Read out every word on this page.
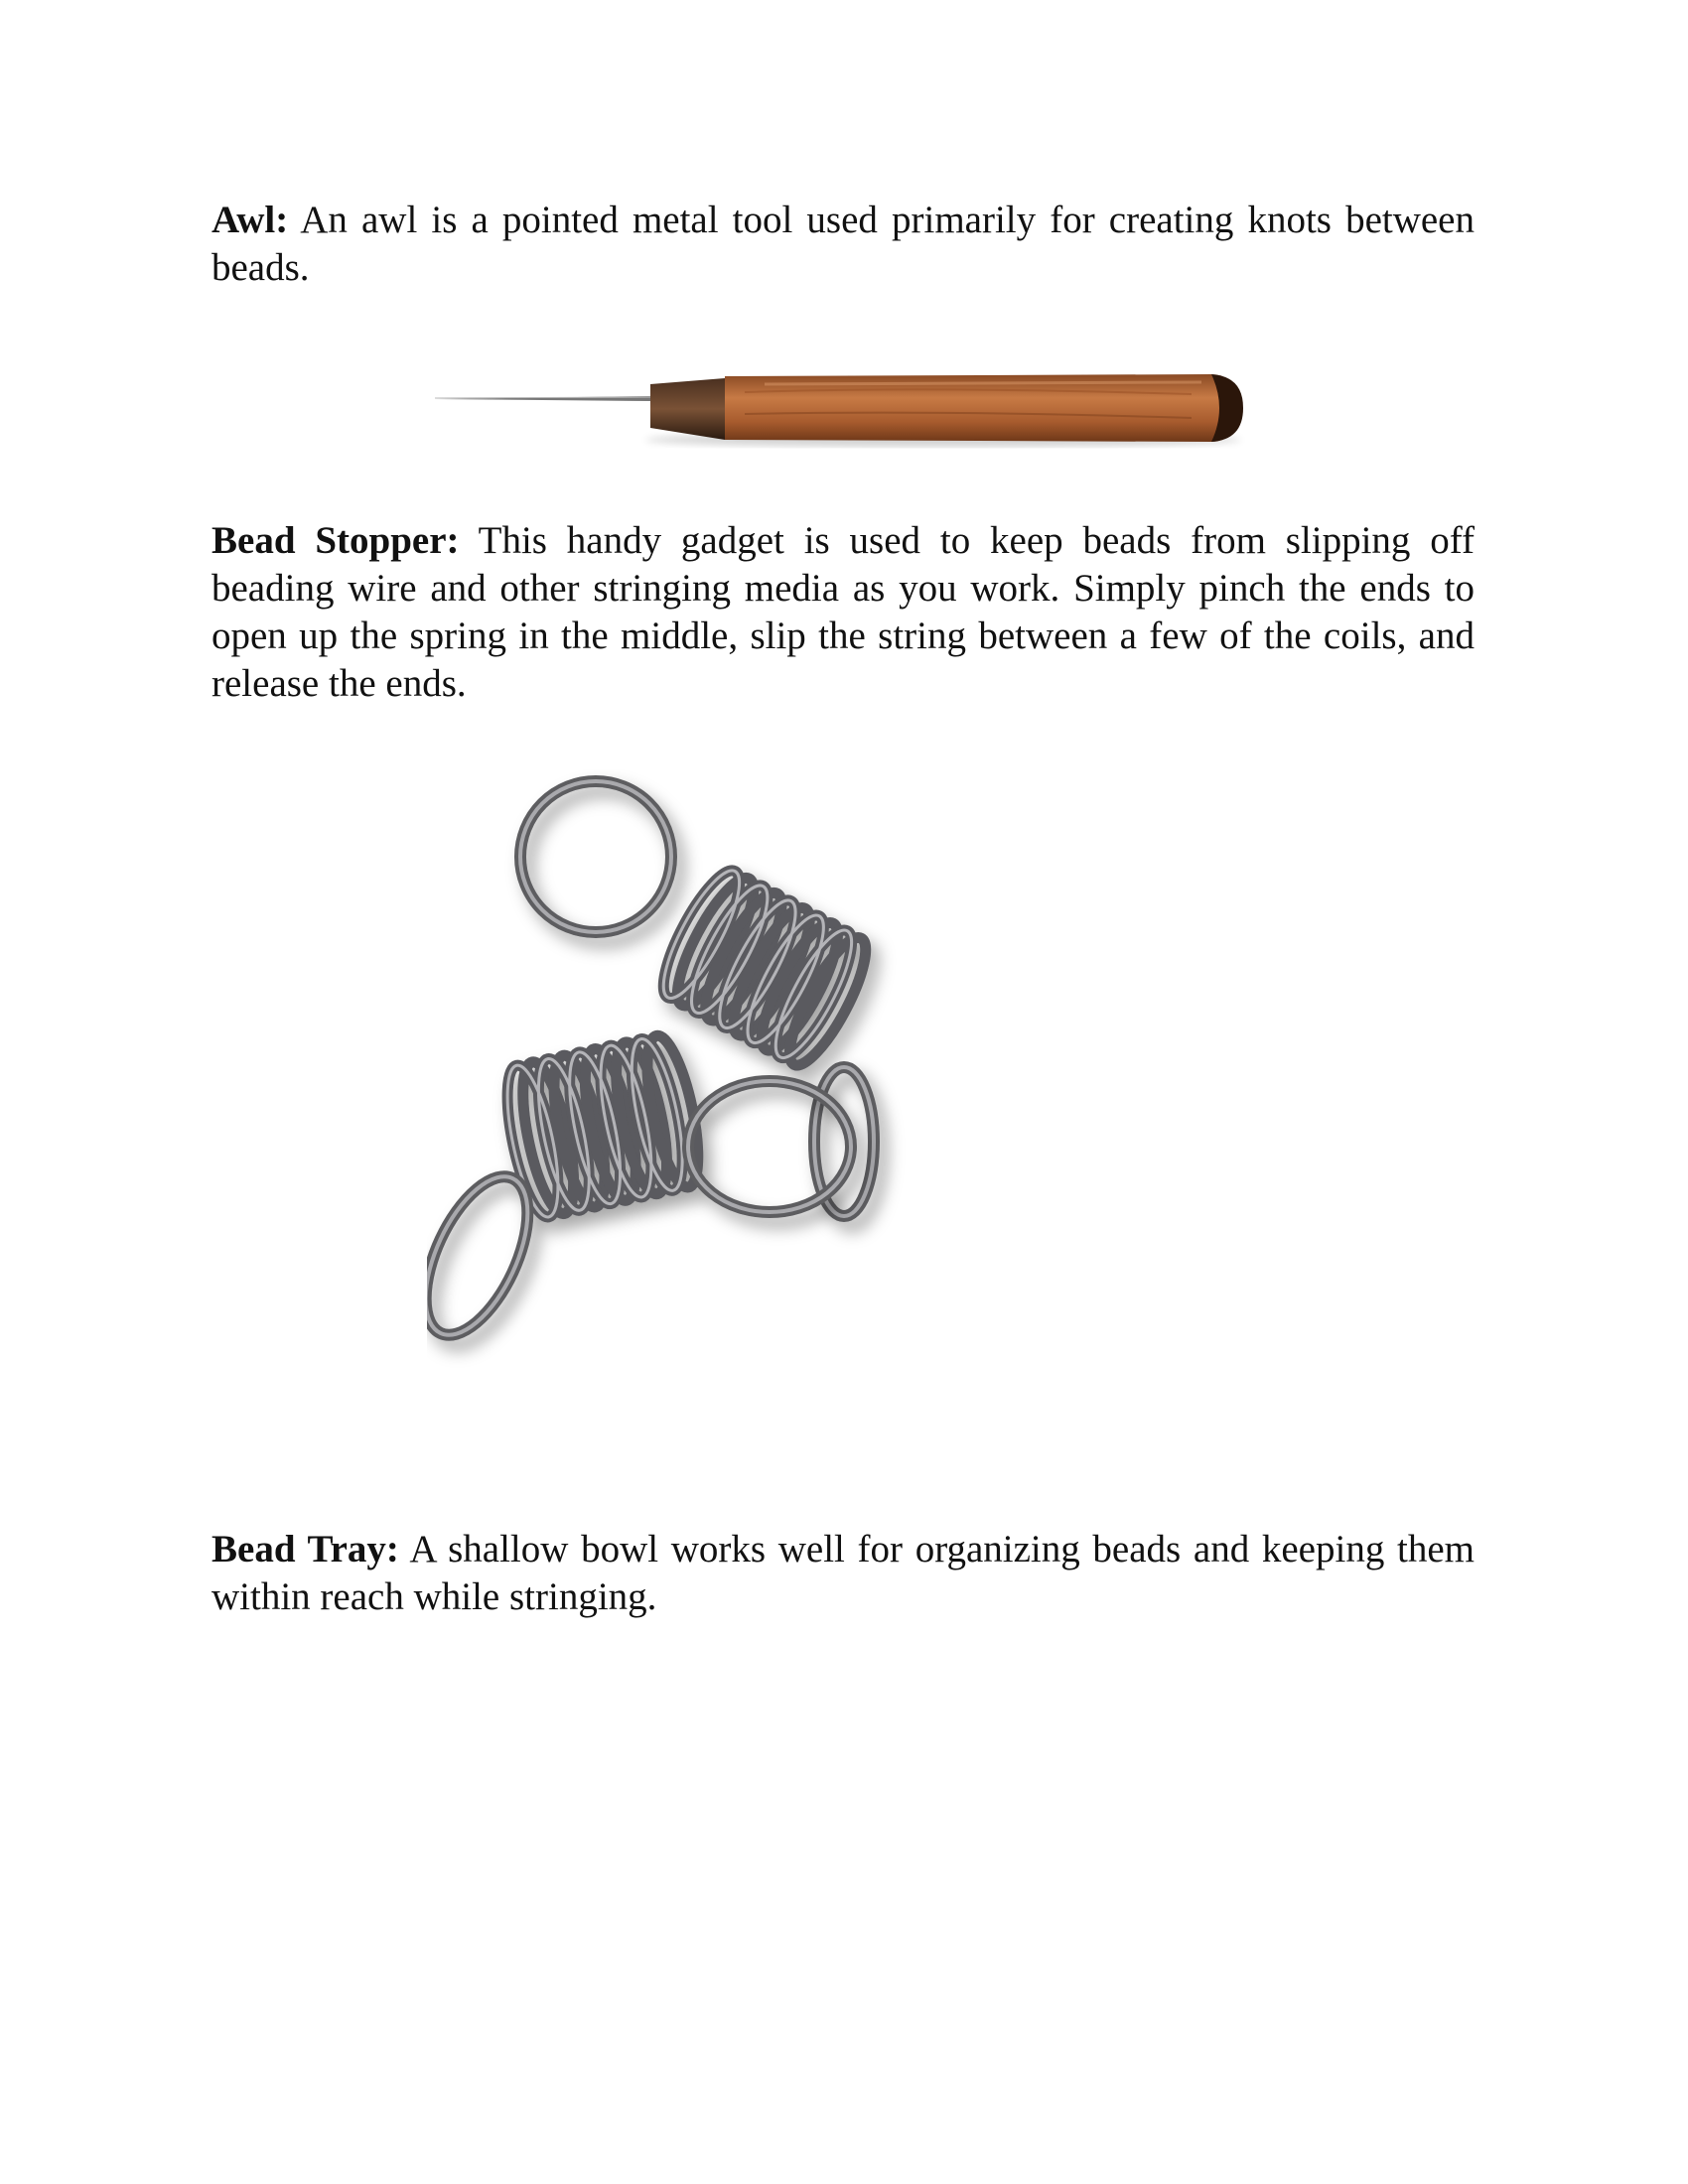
Awl: An awl is a pointed metal tool used primarily for creating knots between beads.

Bead Stopper: This handy gadget is used to keep beads from slipping off beading wire and other stringing media as you work. Simply pinch the ends to open up the spring in the middle, slip the string between a few of the coils, and release the ends.

Bead Tray: A shallow bowl works well for organizing beads and keeping them within reach while stringing.
